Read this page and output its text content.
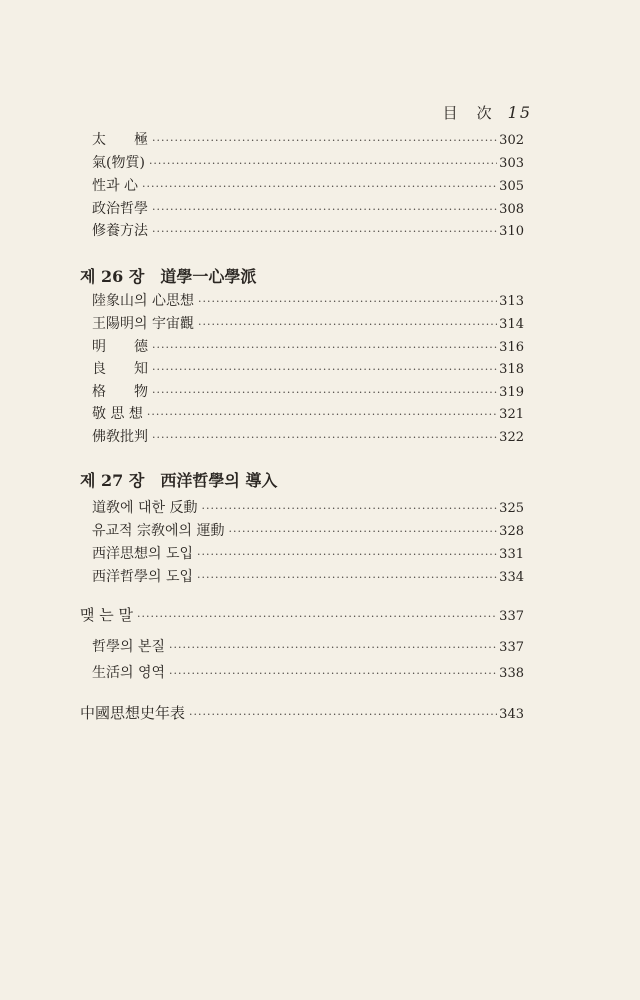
目　次 15
太　　極 ·····	302
氣(物質) ·····	303
性과 心 ·····	305
政治哲學 ·····	308
修養方法 ·····	310
제 26 장 道學一心學派
陸象山의 心思想 ·····	313
王陽明의 宇宙觀 ·····	314
明　　德 ·····	316
良　　知 ·····	318
格　　物 ·····	319
敬 思 想 ·····	321
佛敎批判 ·····	322
제 27 장 西洋哲學의 導入
道敎에 대한 反動 ·····	325
유교적 宗敎에의 運動 ·····	328
西洋思想의 도입 ·····	331
西洋哲學의 도입 ·····	334
맺 는 말 ·····	337
哲學의 본질 ·····	337
生活의 영역 ·····	338
中國思想史年表 ·····	343
